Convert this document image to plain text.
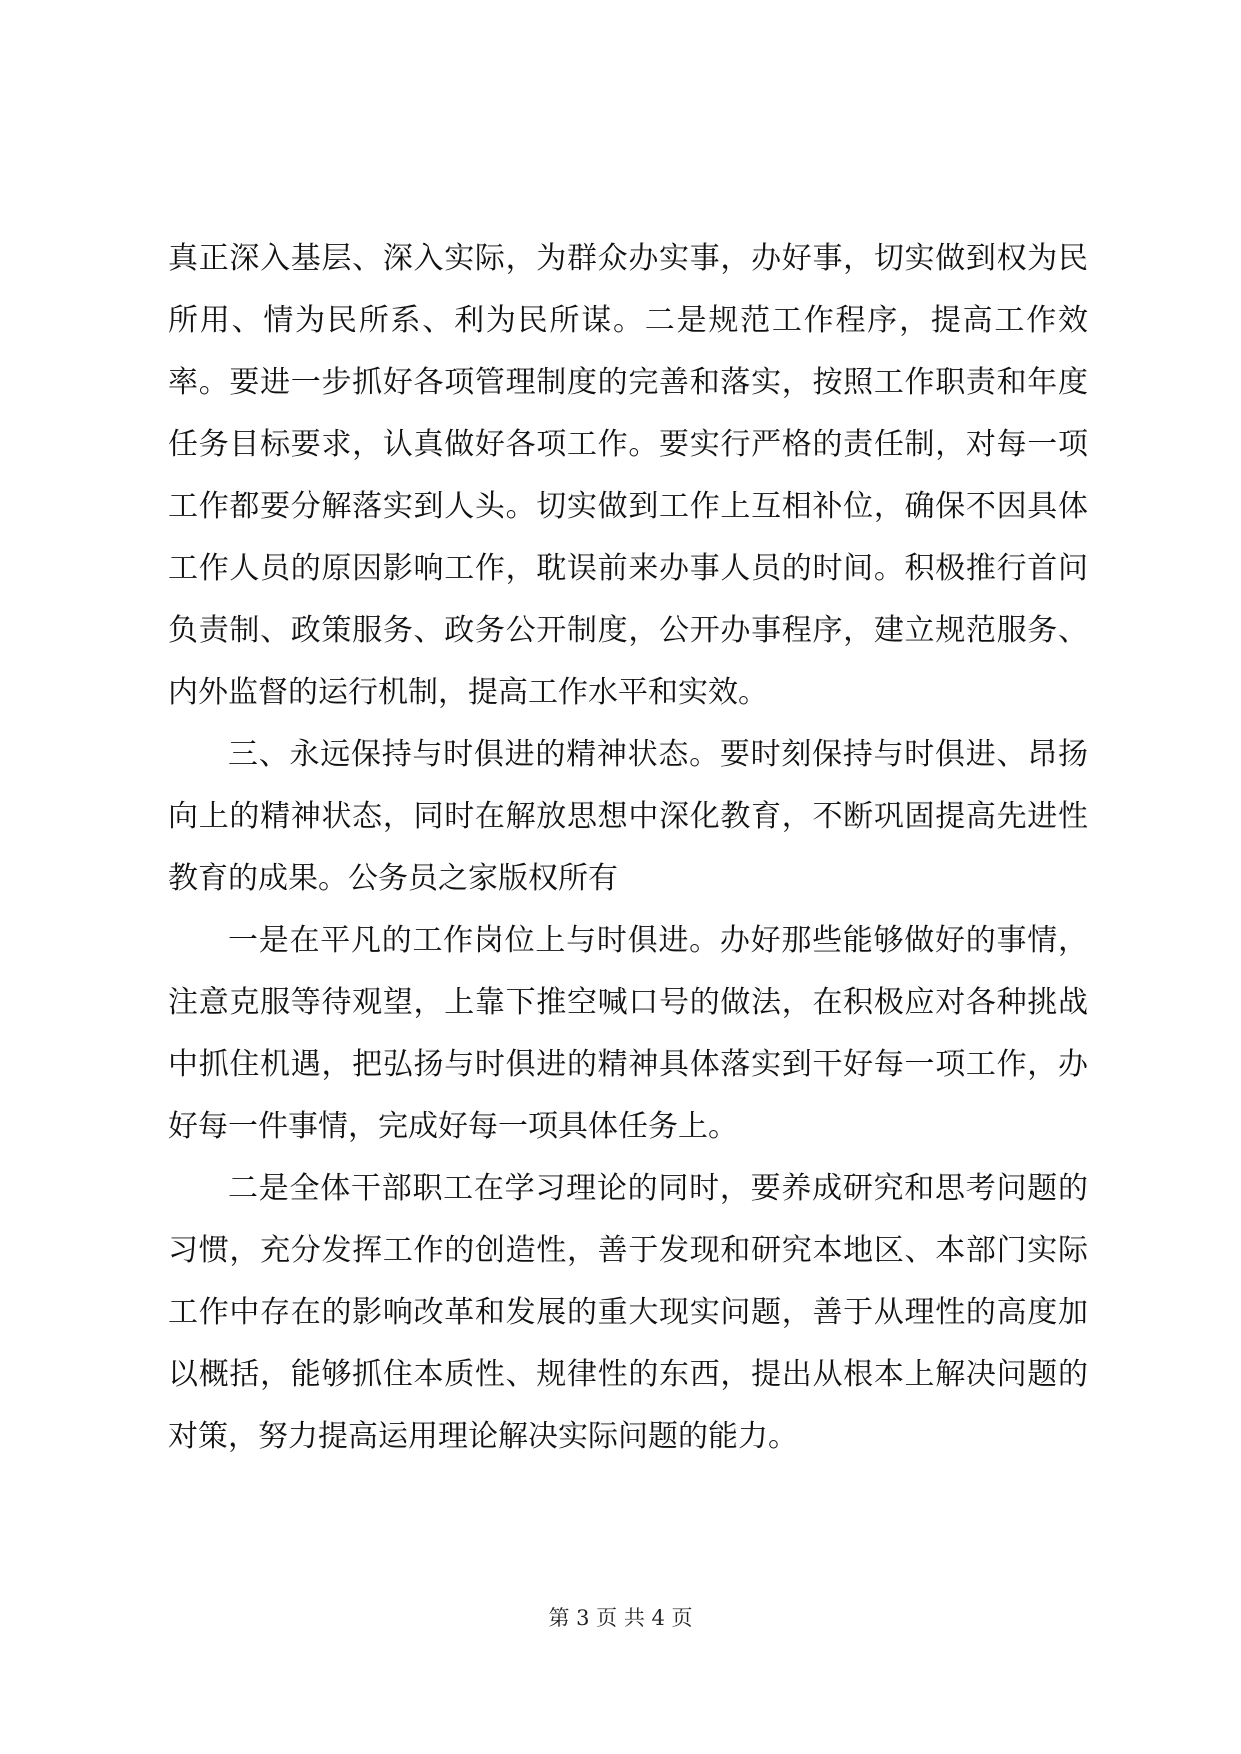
真正深入基层、深入实际，为群众办实事，办好事，切实做到权为民所用、情为民所系、利为民所谋。二是规范工作程序，提高工作效率。要进一步抓好各项管理制度的完善和落实，按照工作职责和年度任务目标要求，认真做好各项工作。要实行严格的责任制，对每一项工作都要分解落实到人头。切实做到工作上互相补位，确保不因具体工作人员的原因影响工作，耽误前来办事人员的时间。积极推行首问负责制、政策服务、政务公开制度，公开办事程序，建立规范服务、内外监督的运行机制，提高工作水平和实效。

三、永远保持与时俱进的精神状态。要时刻保持与时俱进、昂扬向上的精神状态，同时在解放思想中深化教育，不断巩固提高先进性教育的成果。公务员之家版权所有

一是在平凡的工作岗位上与时俱进。办好那些能够做好的事情，注意克服等待观望，上靠下推空喊口号的做法，在积极应对各种挑战中抓住机遇，把弘扬与时俱进的精神具体落实到干好每一项工作，办好每一件事情，完成好每一项具体任务上。

二是全体干部职工在学习理论的同时，要养成研究和思考问题的习惯，充分发挥工作的创造性，善于发现和研究本地区、本部门实际工作中存在的影响改革和发展的重大现实问题，善于从理性的高度加以概括，能够抓住本质性、规律性的东西，提出从根本上解决问题的对策，努力提高运用理论解决实际问题的能力。

第 3 页 共 4 页
